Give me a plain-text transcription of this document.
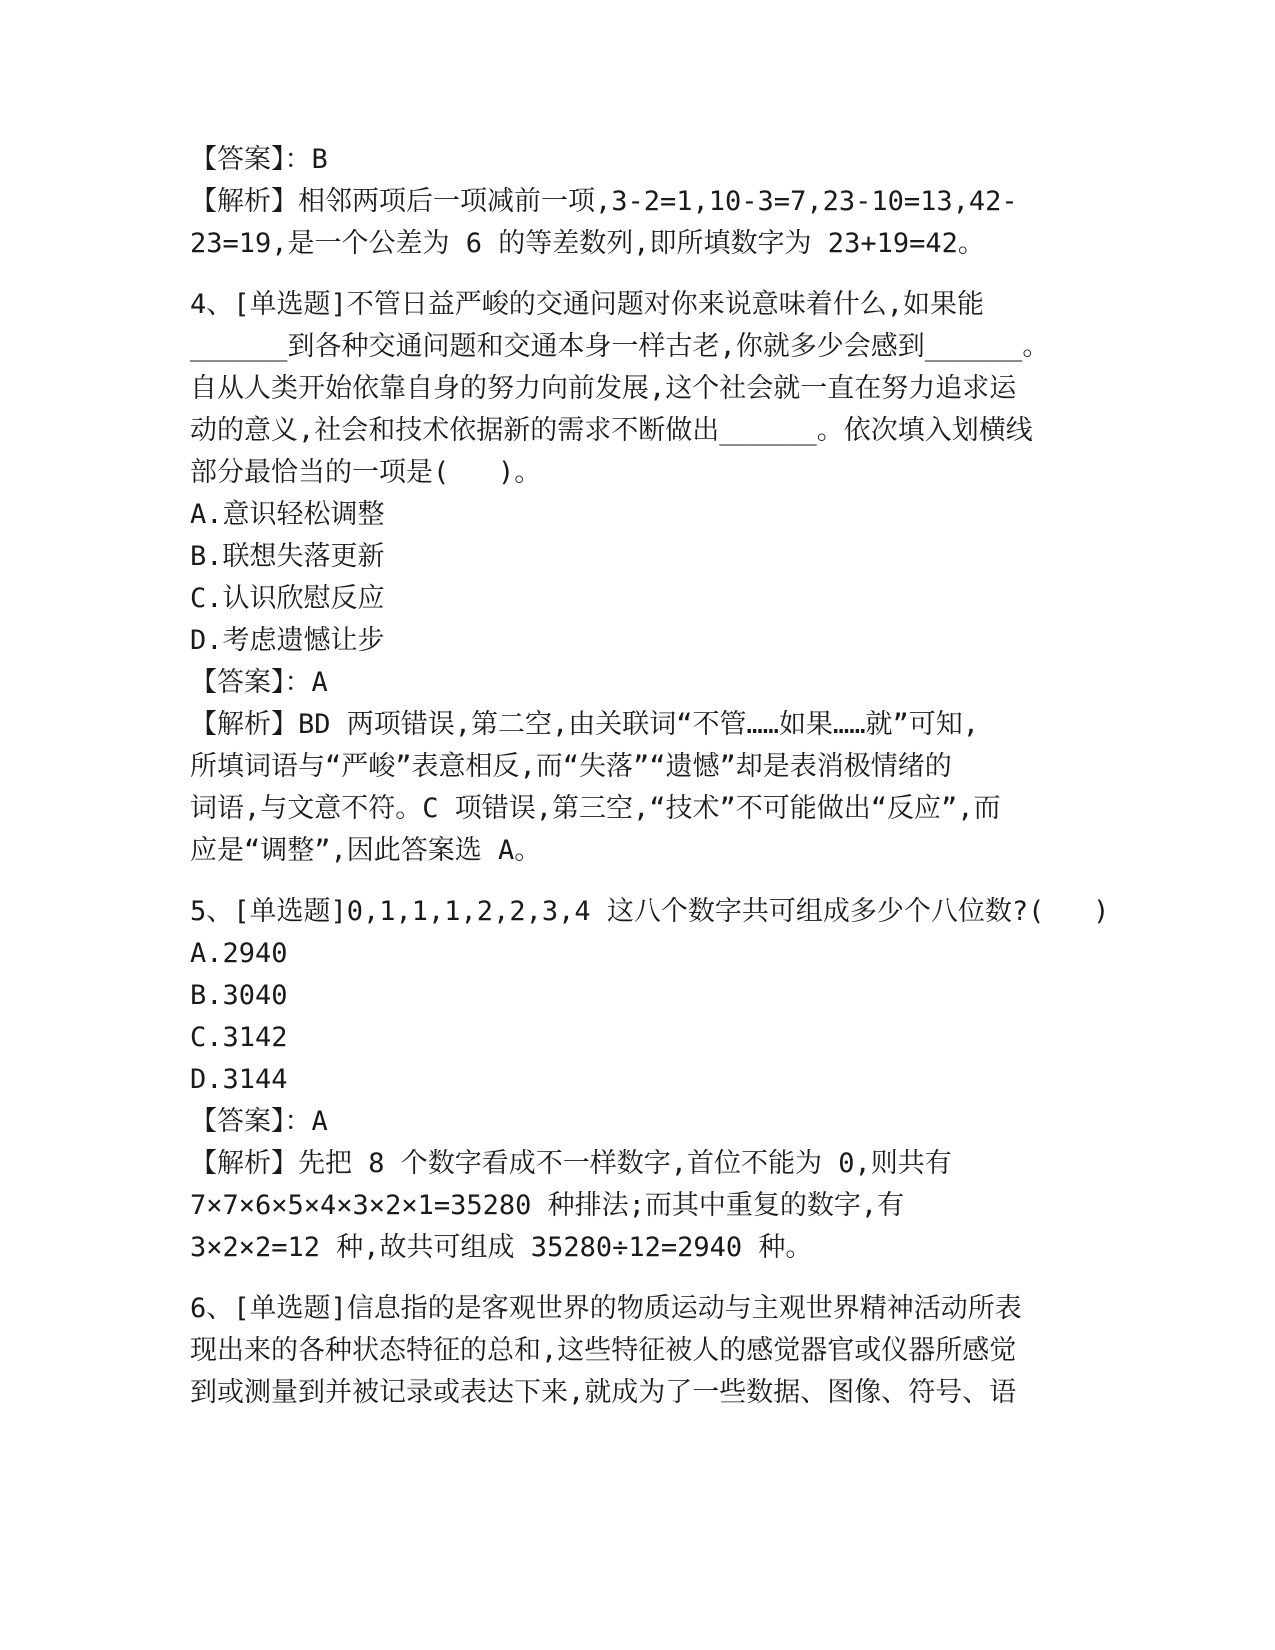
【答案】：B
【解析】相邻两项后一项减前一项,3-2=1,10-3=7,23-10=13,42-
23=19,是一个公差为 6 的等差数列,即所填数字为 23+19=42。
4、[单选题]不管日益严峻的交通问题对你来说意味着什么,如果能
______到各种交通问题和交通本身一样古老,你就多少会感到______。
自从人类开始依靠自身的努力向前发展,这个社会就一直在努力追求运
动的意义,社会和技术依据新的需求不断做出______。依次填入划横线
部分最恰当的一项是(   )。
A.意识轻松调整
B.联想失落更新
C.认识欣慰反应
D.考虑遗憾让步
【答案】：A
【解析】BD 两项错误,第二空,由关联词“不管……如果……就”可知,
所填词语与“严峻”表意相反,而“失落”“遗憾”却是表消极情绪的
词语,与文意不符。C 项错误,第三空,“技术”不可能做出“反应”,而
应是“调整”,因此答案选 A。
5、[单选题]0,1,1,1,2,2,3,4 这八个数字共可组成多少个八位数?(   )
A.2940
B.3040
C.3142
D.3144
【答案】：A
【解析】先把 8 个数字看成不一样数字,首位不能为 0,则共有
7×7×6×5×4×3×2×1=35280 种排法;而其中重复的数字,有
3×2×2=12 种,故共可组成 35280÷12=2940 种。
6、[单选题]信息指的是客观世界的物质运动与主观世界精神活动所表
现出来的各种状态特征的总和,这些特征被人的感觉器官或仪器所感觉
到或测量到并被记录或表达下来,就成为了一些数据、图像、符号、语
